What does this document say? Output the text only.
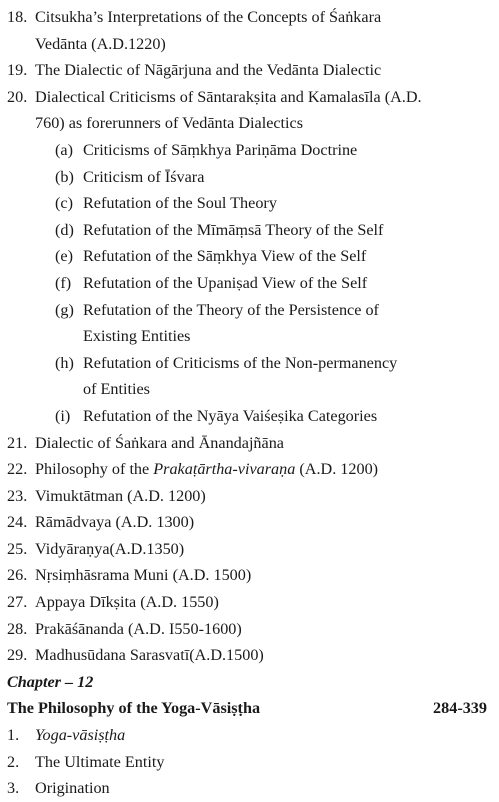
18. Citsukha’s Interpretations of the Concepts of Śaṅkara
Vedānta (A.D.1220)
19. The Dialectic of Nāgārjuna and the Vedānta Dialectic
20. Dialectical Criticisms of Sāntarakṣita and Kamalasīla (A.D.
760) as forerunners of Vedānta Dialectics
(a) Criticisms of Sāṃkhya Pariṇāma Doctrine
(b) Criticism of Īśvara
(c) Refutation of the Soul Theory
(d) Refutation of the Mīmāṃsā Theory of the Self
(e) Refutation of the Sāṃkhya View of the Self
(f) Refutation of the Upaniṣad View of the Self
(g) Refutation of the Theory of the Persistence of
Existing Entities
(h) Refutation of Criticisms of the Non-permanency
of Entities
(i) Refutation of the Nyāya Vaiśeṣika Categories
21. Dialectic of Śaṅkara and Ānandajñāna
22. Philosophy of the Prakaṭārtha-vivaraṇa (A.D. 1200)
23. Vimuktātman (A.D. 1200)
24. Rāmādvaya (A.D. 1300)
25. Vidyāraṇya(A.D.1350)
26. Nṛsiṃhāsrama Muni (A.D. 1500)
27. Appaya Dīkṣita (A.D. 1550)
28. Prakāśānanda (A.D. I550-1600)
29. Madhusūdana Sarasvatī(A.D.1500)
Chapter – 12
The Philosophy of the Yoga-Vāsiṣṭha	284-339
1. Yoga-vāsiṣṭha
2. The Ultimate Entity
3. Origination
